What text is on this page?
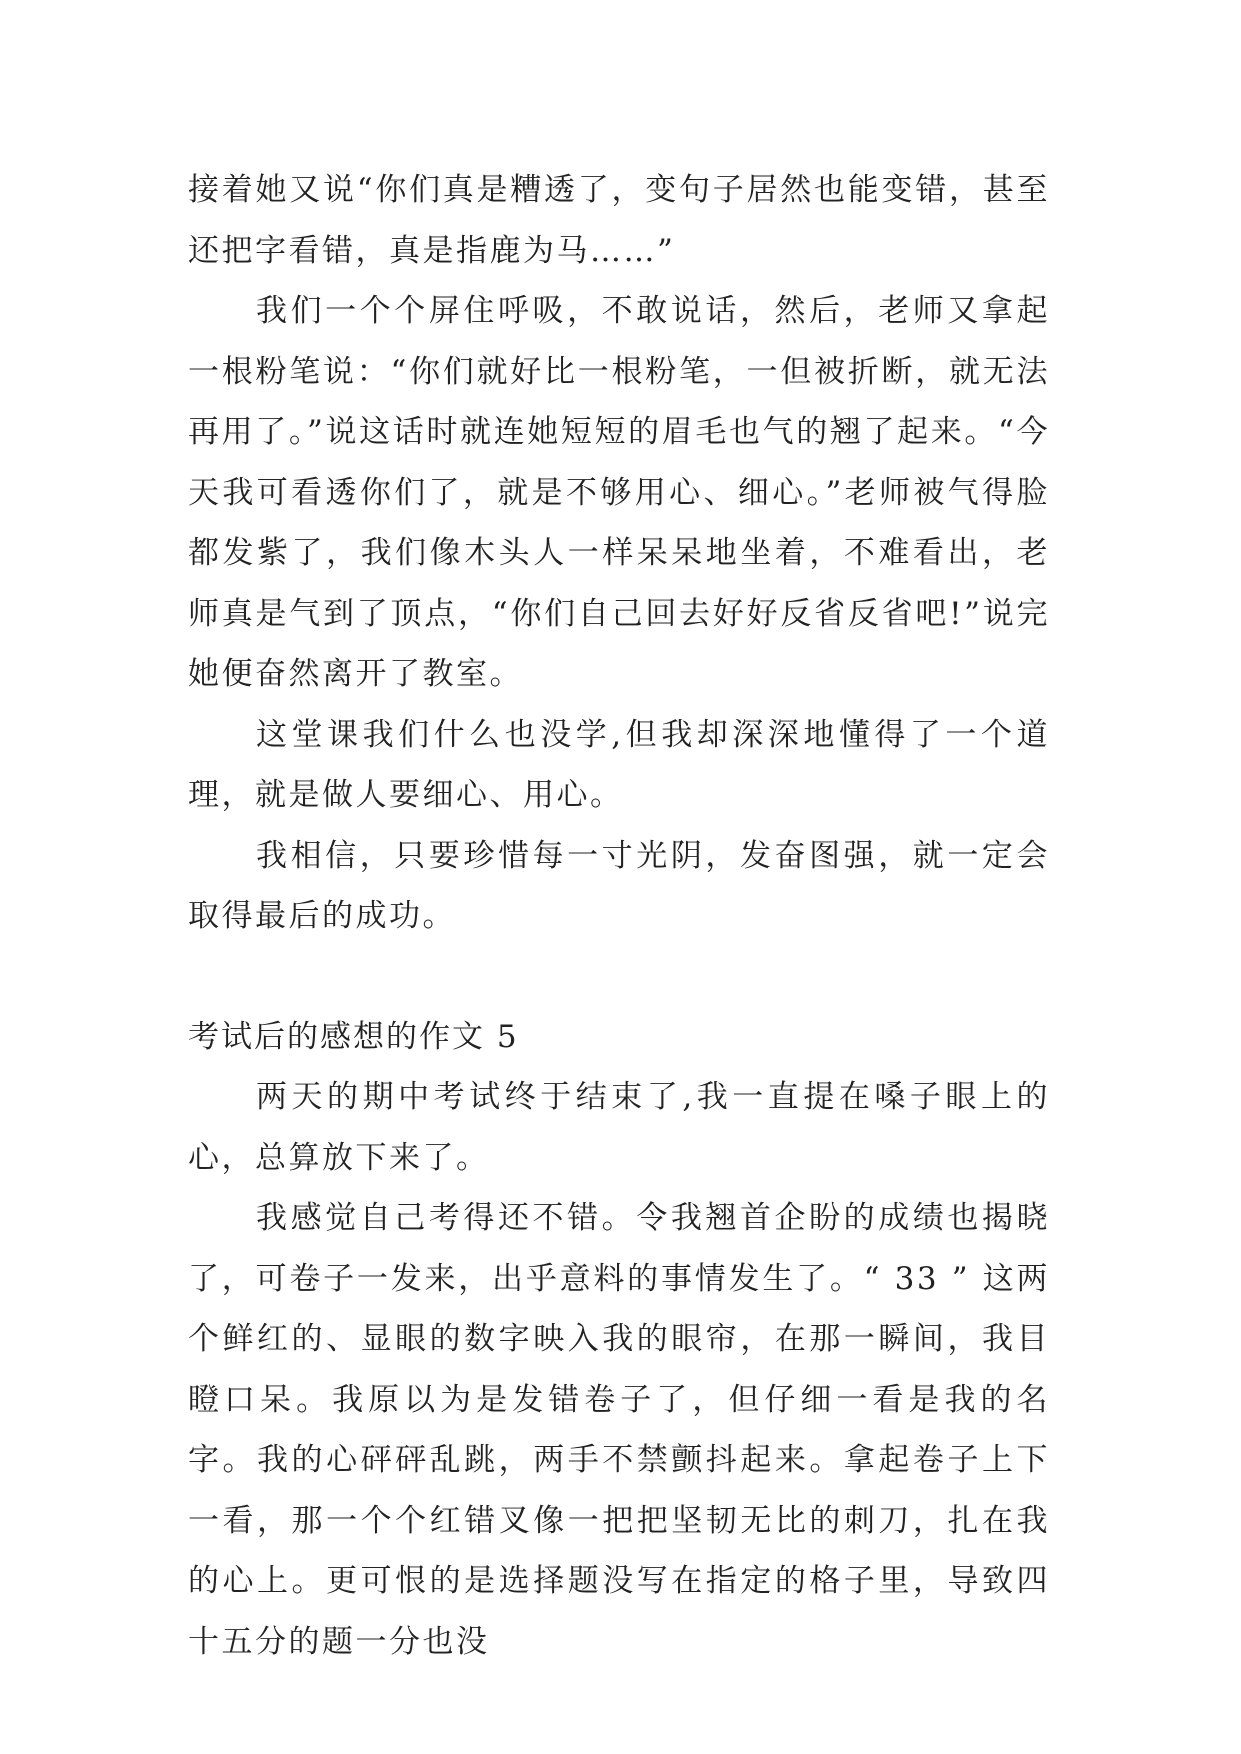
接着她又说“你们真是糟透了，变句子居然也能变错，甚至还把字看错，真是指鹿为马……”

我们一个个屏住呼吸，不敢说话，然后，老师又拿起一根粉笔说：“你们就好比一根粉笔，一但被折断，就无法再用了。”说这话时就连她短短的眉毛也气的翘了起来。“今天我可看透你们了，就是不够用心、细心。”老师被气得脸都发紫了，我们像木头人一样呆呆地坐着，不难看出，老师真是气到了顶点，“你们自己回去好好反省反省吧!”说完她便奋然离开了教室。

这堂课我们什么也没学,但我却深深地懂得了一个道理，就是做人要细心、用心。

我相信，只要珍惜每一寸光阴，发奋图强，就一定会取得最后的成功。

考试后的感想的作文 5

两天的期中考试终于结束了,我一直提在嗓子眼上的心，总算放下来了。

我感觉自己考得还不错。令我翘首企盼的成绩也揭晓了，可卷子一发来，出乎意料的事情发生了。“ 33 ” 这两个鲜红的、显眼的数字映入我的眼帘，在那一瞬间，我目瞪口呆。我原以为是发错卷子了，但仔细一看是我的名字。我的心砰砰乱跳，两手不禁颤抖起来。拿起卷子上下一看，那一个个红错叉像一把把坚韧无比的刺刀，扎在我的心上。更可恨的是选择题没写在指定的格子里，导致四十五分的题一分也没
